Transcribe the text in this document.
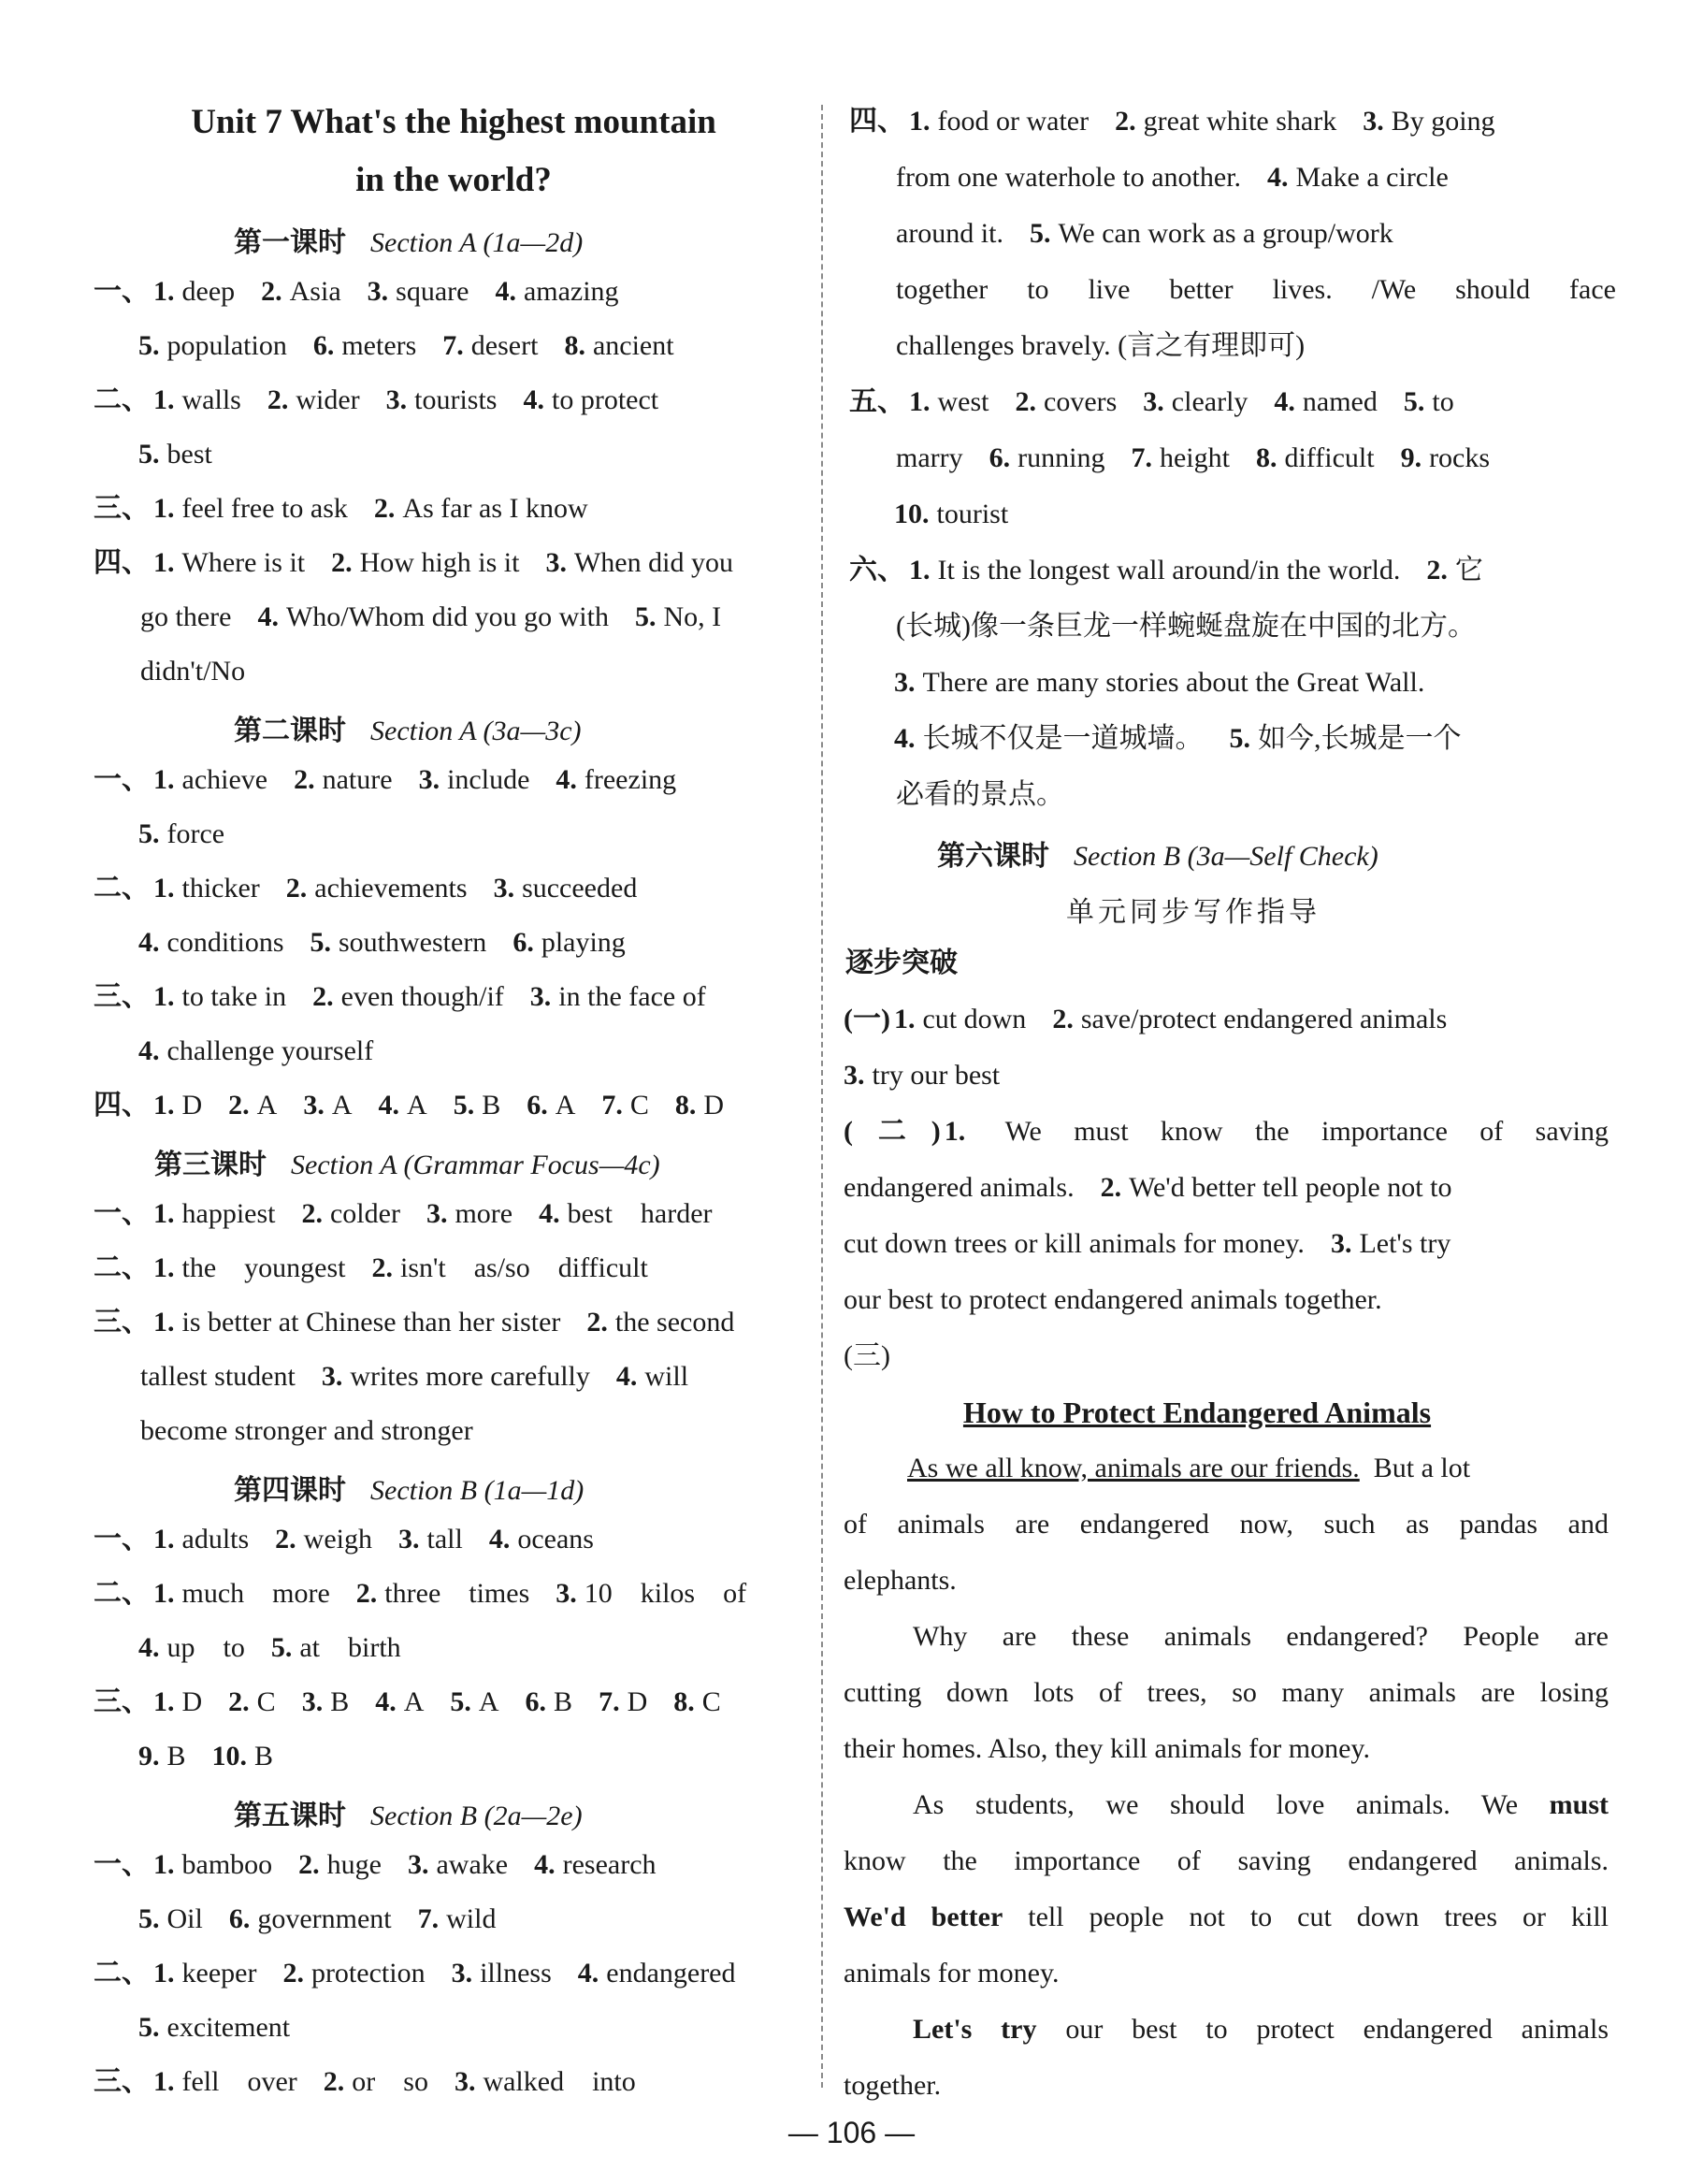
Unit 7 What's the highest mountain
in the world?
第一课时 Section A (1a—2d)
一、 1. deep 2. Asia 3. square 4. amazing
5. population 6. meters 7. desert 8. ancient
二、 1. walls 2. wider 3. tourists 4. to protect
5. best
三、 1. feel free to ask 2. As far as I know
四、 1. Where is it 2. How high is it 3. When did you
go there 4. Who/Whom did you go with 5. No, I
didn't/No
第二课时 Section A (3a—3c)
一、 1. achieve 2. nature 3. include 4. freezing
5. force
二、 1. thicker 2. achievements 3. succeeded
4. conditions 5. southwestern 6. playing
三、 1. to take in 2. even though/if 3. in the face of
4. challenge yourself
四、 1. D 2. A 3. A 4. A 5. B 6. A 7. C 8. D
第三课时 Section A (Grammar Focus—4c)
一、 1. happiest 2. colder 3. more 4. best    harder
二、 1. the    youngest 2. isn't    as/so    difficult
三、 1. is better at Chinese than her sister 2. the second
tallest student 3. writes more carefully 4. will
become stronger and stronger
第四课时 Section B (1a—1d)
一、 1. adults 2. weigh 3. tall 4. oceans
二、 1. much    more 2. three    times 3. 10    kilos    of
4. up    to 5. at    birth
三、 1. D 2. C 3. B 4. A 5. A 6. B 7. D 8. C
9. B 10. B
第五课时 Section B (2a—2e)
一、 1. bamboo 2. huge 3. awake 4. research
5. Oil 6. government 7. wild
二、 1. keeper 2. protection 3. illness 4. endangered
5. excitement
三、 1. fell    over 2. or    so 3. walked    into
四、 1. food or water 2. great white shark 3. By going
from one waterhole to another. 4. Make a circle
around it. 5. We can work as a group/work
together to live better lives. /We should face
challenges bravely. (言之有理即可)
五、 1. west 2. covers 3. clearly 4. named 5. to
marry 6. running 7. height 8. difficult 9. rocks
10. tourist
六、 1. It is the longest wall around/in the world. 2. 它
(长城)像一条巨龙一样蜿蜒盘旋在中国的北方。
3. There are many stories about the Great Wall.
4. 长城不仅是一道城墙。 5. 如今,长城是一个
必看的景点。
第六课时 Section B (3a—Self Check)
单元同步写作指导
逐步突破
(一) 1. cut down 2. save/protect endangered animals
3. try our best
(二) 1. We must know the importance of saving
endangered animals. 2. We'd better tell people not to
cut down trees or kill animals for money. 3. Let's try
our best to protect endangered animals together.
(三)
How to Protect Endangered Animals
As we all know, animals are our friends. But a lot
of animals are endangered now, such as pandas and
elephants.
Why are these animals endangered? People are
cutting down lots of trees, so many animals are losing
their homes. Also, they kill animals for money.
As students, we should love animals. We must
know the importance of saving endangered animals.
We'd better tell people not to cut down trees or kill
animals for money.
Let's try our best to protect endangered animals
together.
— 106 —
